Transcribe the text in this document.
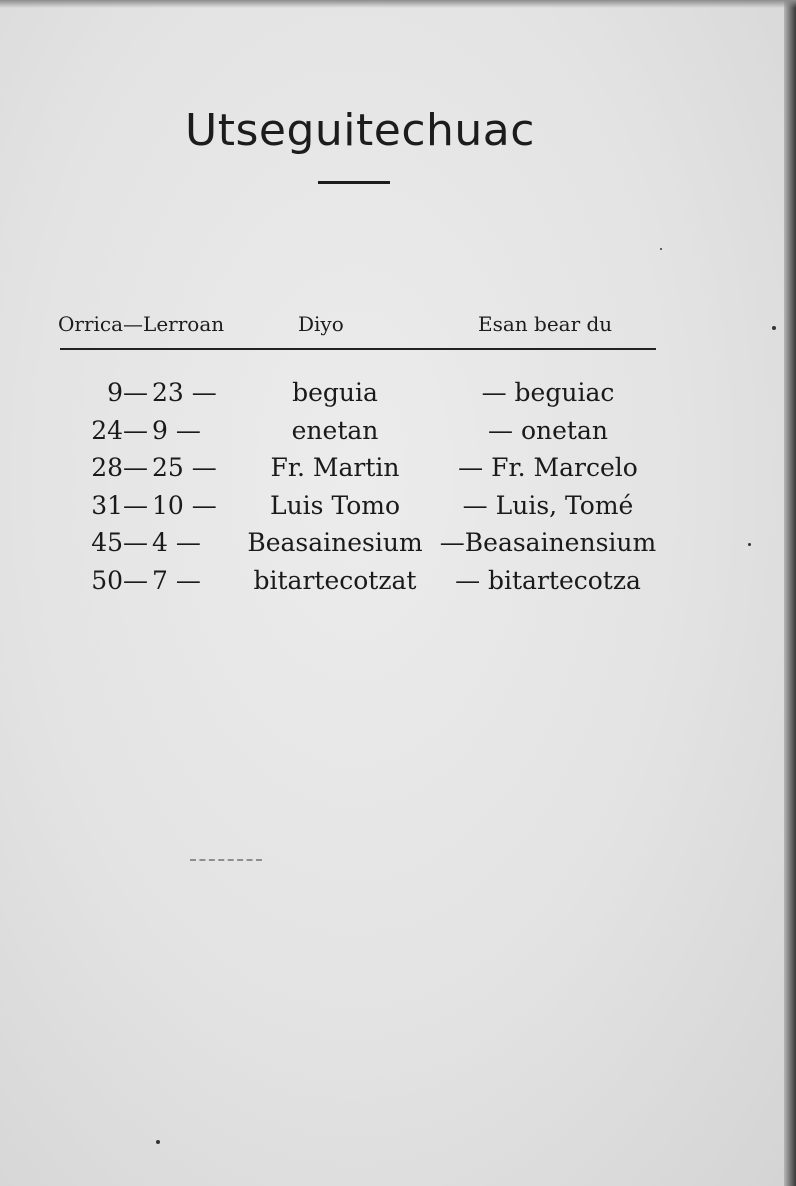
Utseguitechuac
Orrica—Lerroan	Diyo	Esan bear du
9— 23 —	beguia	— beguiac
24— 9 —	enetan	— onetan
28— 25 —	Fr. Martin	— Fr. Marcelo
31— 10 —	Luis Tomo	— Luis, Tomé
45— 4 —	Beasainesium —Beasainensium
50— 7 —	bitartecotzat	— bitartecotza
